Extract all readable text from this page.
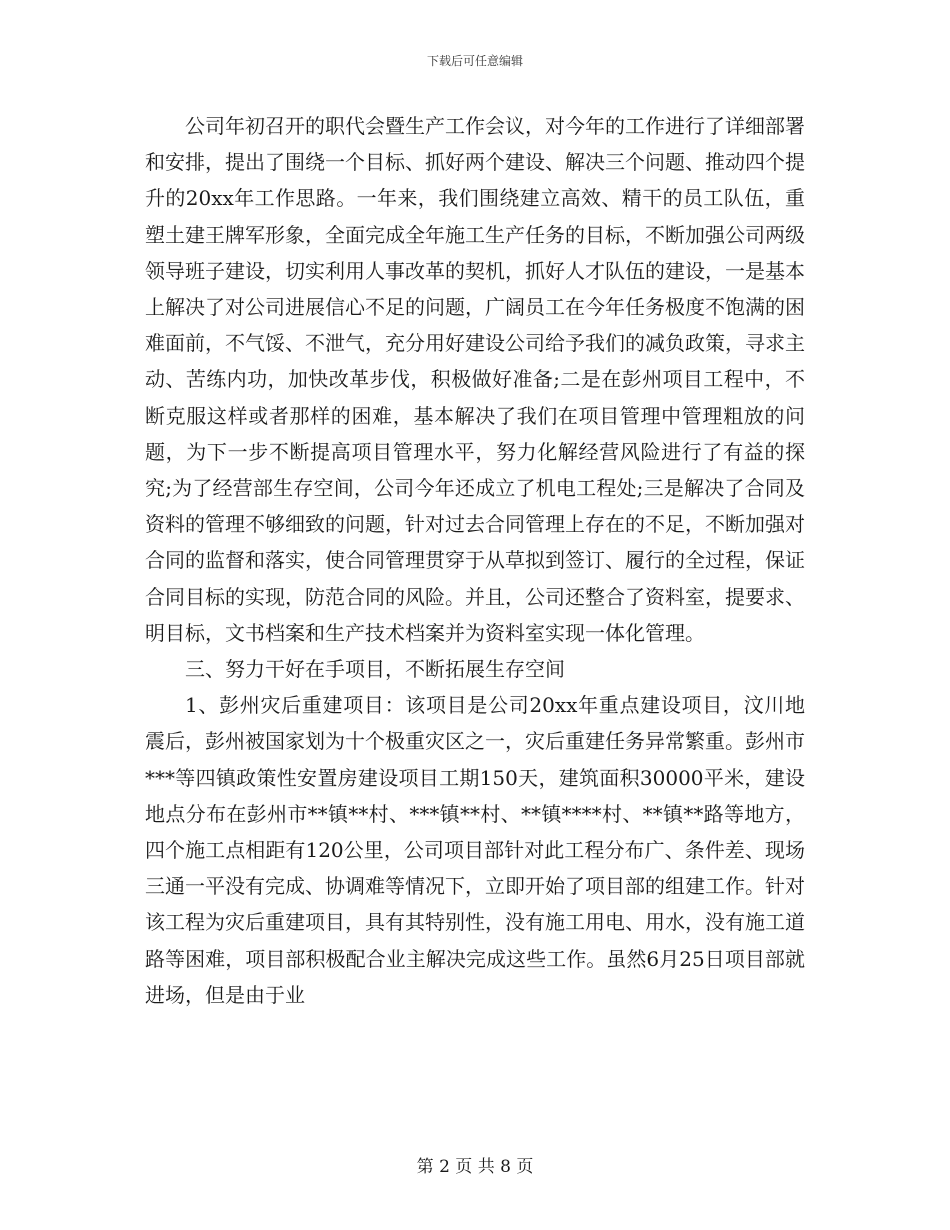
下载后可任意编辑

公司年初召开的职代会暨生产工作会议，对今年的工作进行了详细部署和安排，提出了围绕一个目标、抓好两个建设、解决三个问题、推动四个提升的20xx年工作思路。一年来，我们围绕建立高效、精干的员工队伍，重塑土建王牌军形象，全面完成全年施工生产任务的目标，不断加强公司两级领导班子建设，切实利用人事改革的契机，抓好人才队伍的建设，一是基本上解决了对公司进展信心不足的问题，广阔员工在今年任务极度不饱满的困难面前，不气馁、不泄气，充分用好建设公司给予我们的减负政策，寻求主动、苦练内功，加快改革步伐，积极做好准备;二是在彭州项目工程中，不断克服这样或者那样的困难，基本解决了我们在项目管理中管理粗放的问题，为下一步不断提高项目管理水平，努力化解经营风险进行了有益的探究;为了经营部生存空间，公司今年还成立了机电工程处;三是解决了合同及资料的管理不够细致的问题，针对过去合同管理上存在的不足，不断加强对合同的监督和落实，使合同管理贯穿于从草拟到签订、履行的全过程，保证合同目标的实现，防范合同的风险。并且，公司还整合了资料室，提要求、明目标，文书档案和生产技术档案并为资料室实现一体化管理。

三、努力干好在手项目，不断拓展生存空间

1、彭州灾后重建项目：该项目是公司20xx年重点建设项目，汶川地震后，彭州被国家划为十个极重灾区之一，灾后重建任务异常繁重。彭州市***等四镇政策性安置房建设项目工期150天，建筑面积30000平米，建设地点分布在彭州市**镇**村、***镇**村、**镇****村、**镇**路等地方，四个施工点相距有120公里，公司项目部针对此工程分布广、条件差、现场三通一平没有完成、协调难等情况下，立即开始了项目部的组建工作。针对该工程为灾后重建项目，具有其特别性，没有施工用电、用水，没有施工道路等困难，项目部积极配合业主解决完成这些工作。虽然6月25日项目部就进场，但是由于业

第 2 页 共 8 页
